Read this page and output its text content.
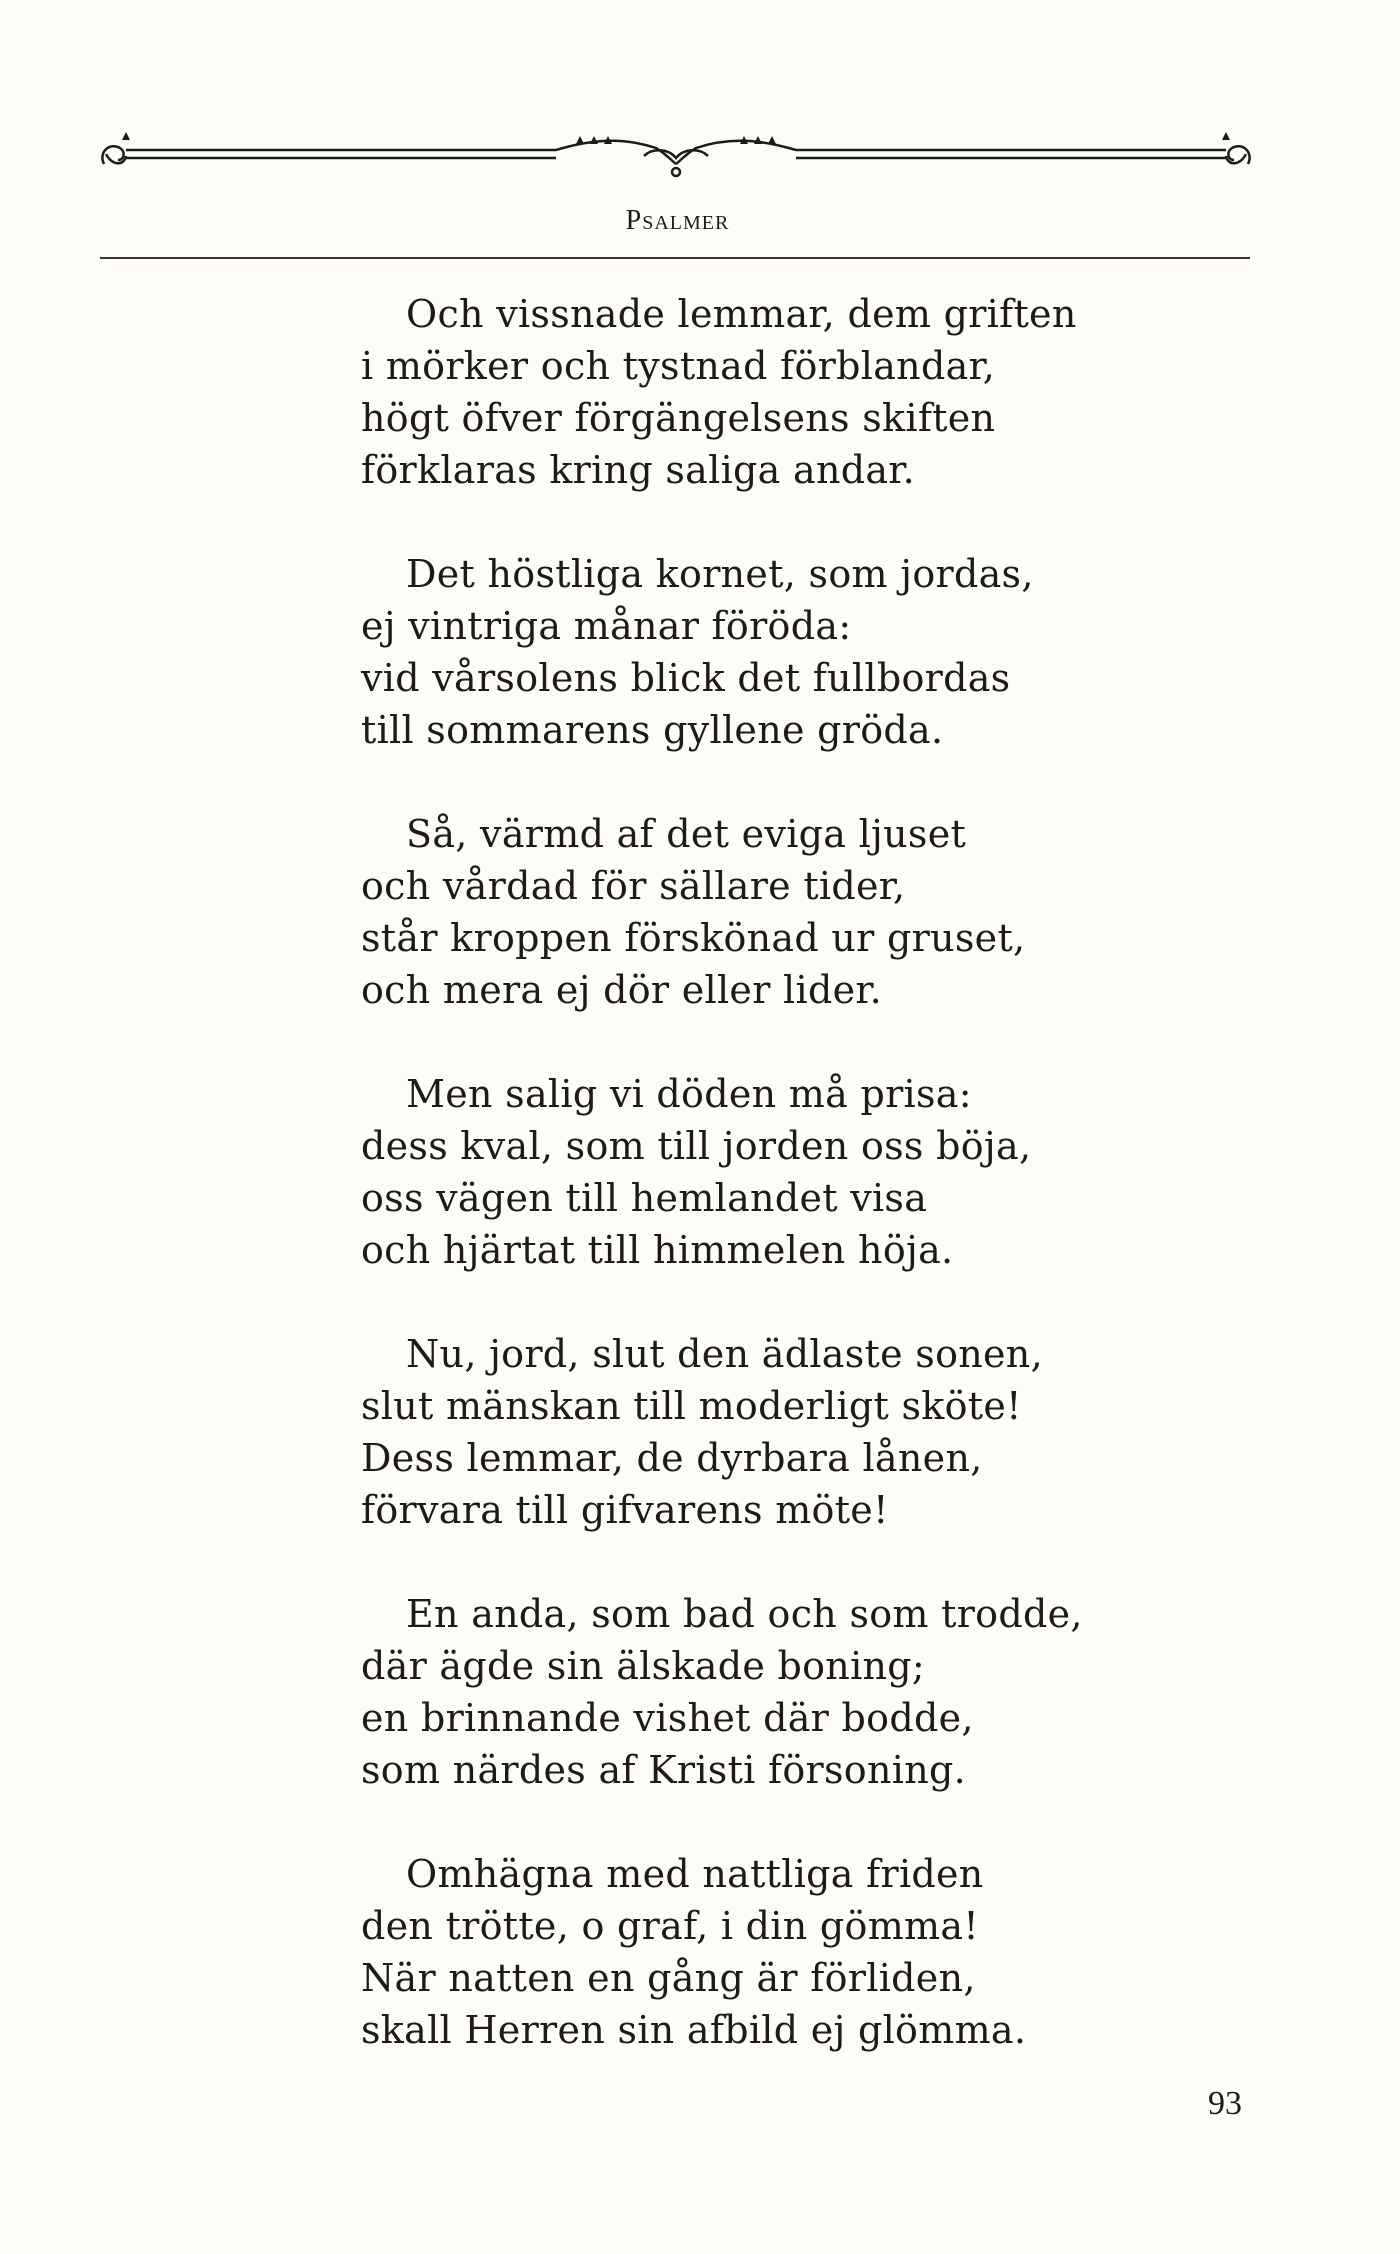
Psalmer
Och vissnade lemmar, dem griften
i mörker och tystnad förblandar,
högt öfver förgängelsens skiften
förklaras kring saliga andar.
Det höstliga kornet, som jordas,
ej vintriga månar föröda:
vid vårsolens blick det fullbordas
till sommarens gyllene gröda.
Så, värmd af det eviga ljuset
och vårdad för sällare tider,
står kroppen förskönad ur gruset,
och mera ej dör eller lider.
Men salig vi döden må prisa:
dess kval, som till jorden oss böja,
oss vägen till hemlandet visa
och hjärtat till himmelen höja.
Nu, jord, slut den ädlaste sonen,
slut mänskan till moderligt sköte!
Dess lemmar, de dyrbara lånen,
förvara till gifvarens möte!
En anda, som bad och som trodde,
där ägde sin älskade boning;
en brinnande vishet där bodde,
som närdes af Kristi försoning.
Omhägna med nattliga friden
den trötte, o graf, i din gömma!
När natten en gång är förliden,
skall Herren sin afbild ej glömma.
93
